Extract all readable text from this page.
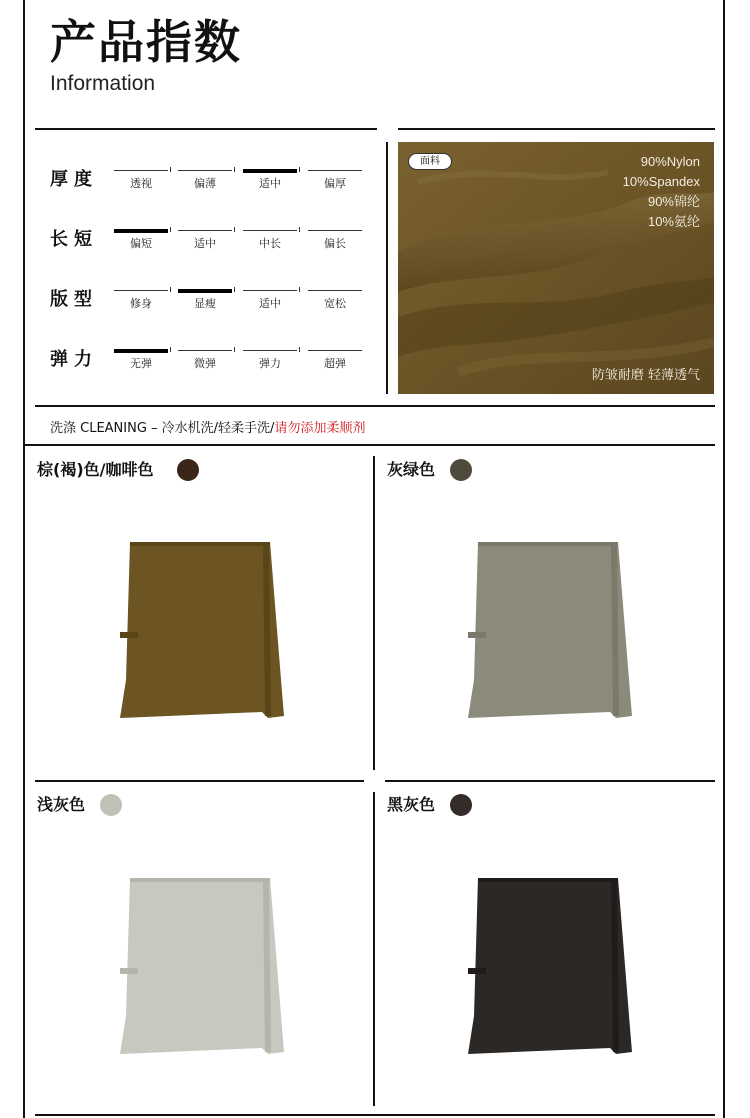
产品指数
Information
厚度	透视	偏薄	适中	偏厚
长短	偏短	适中	中长	偏长
版型	修身	显瘦	适中	宽松
弹力	无弹	微弹	弹力	超弹
面料	90%Nylon
10%Spandex
90%锦纶
10%氨纶
防皱耐磨 轻薄透气
洗涤 CLEANING – 冷水机洗/轻柔手洗/请勿添加柔顺剂
棕(褐)色/咖啡色	灰绿色
浅灰色	黑灰色
